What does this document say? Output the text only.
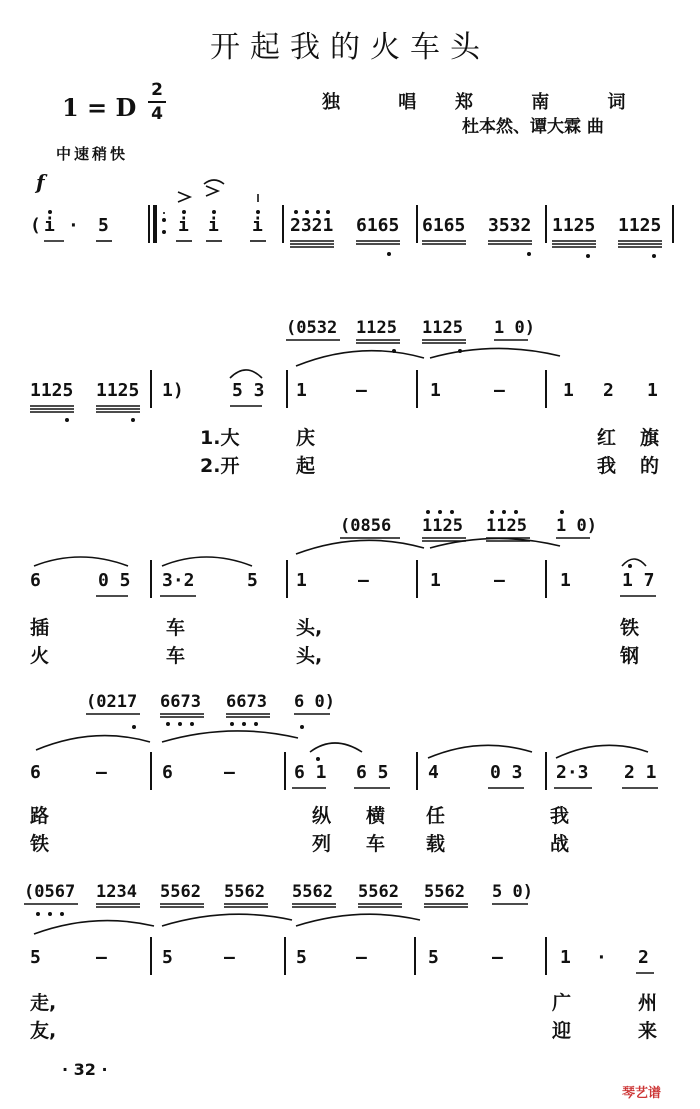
开起我的火车头
1 = D
2
4
独 唱 郑 南 词
杜本然、谭大霖 曲
中速稍快
f
( i · 5	i i i 2321 6165 6165 3532 1125 1125
(0532 1125 1125 1 0)
1125 1125 1)	5 3 1	—	1	—	1 2 1
1.大	庆	红 旗
2.开	起	我 的
(0856 1125 1125 1 0)
6	0 5 3·2	5 1	—	1	—	1	1 7
插	车	头,	铁
火	车	头,	钢
(0217 6673 6673 6 0)
6	—	6	—	6 1 6 5 4	0 3 2·3 2 1
路	纵 横 任	我
铁	列 车 载	战
(0567 1234 5562 5562 5562 5562 5562 5 0)
5	—	5	—	5	—	5	—	1 · 2
走,	广	州
友,	迎	来
· 32 ·
琴艺谱
